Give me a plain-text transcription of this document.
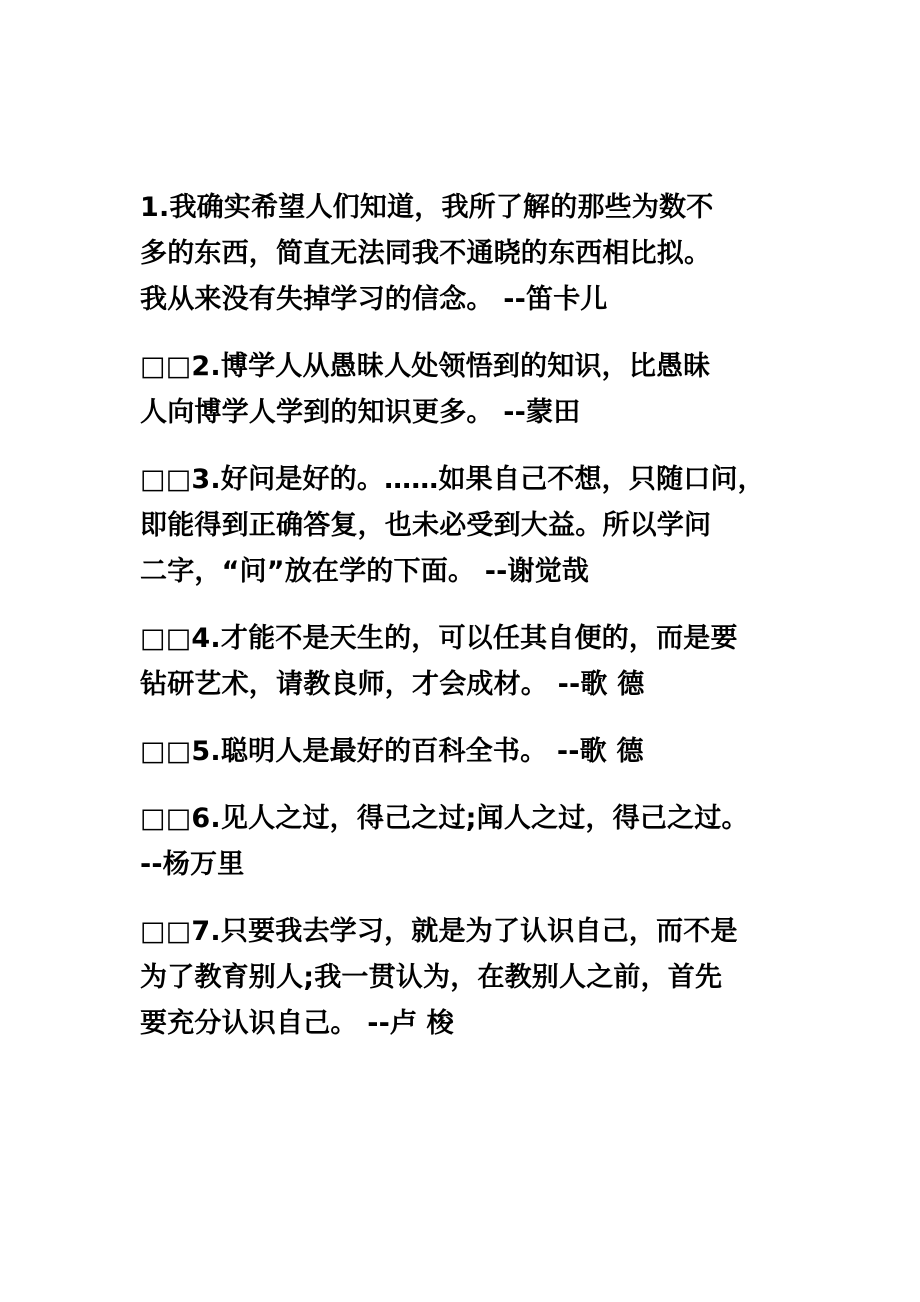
1.我确实希望人们知道，我所了解的那些为数不
多的东西，简直无法同我不通晓的东西相比拟。
我从来没有失掉学习的信念。 --笛卡儿
□□2.博学人从愚昧人处领悟到的知识，比愚昧
人向博学人学到的知识更多。 --蒙田
□□3.好问是好的。……如果自己不想，只随口问，
即能得到正确答复，也未必受到大益。所以学问
二字，“问”放在学的下面。 --谢觉哉
□□4.才能不是天生的，可以任其自便的，而是要
钻研艺术，请教良师，才会成材。 --歌 德
□□5.聪明人是最好的百科全书。 --歌 德
□□6.见人之过，得己之过;闻人之过，得己之过。
--杨万里
□□7.只要我去学习，就是为了认识自己，而不是
为了教育别人;我一贯认为，在教别人之前，首先
要充分认识自己。 --卢 梭
